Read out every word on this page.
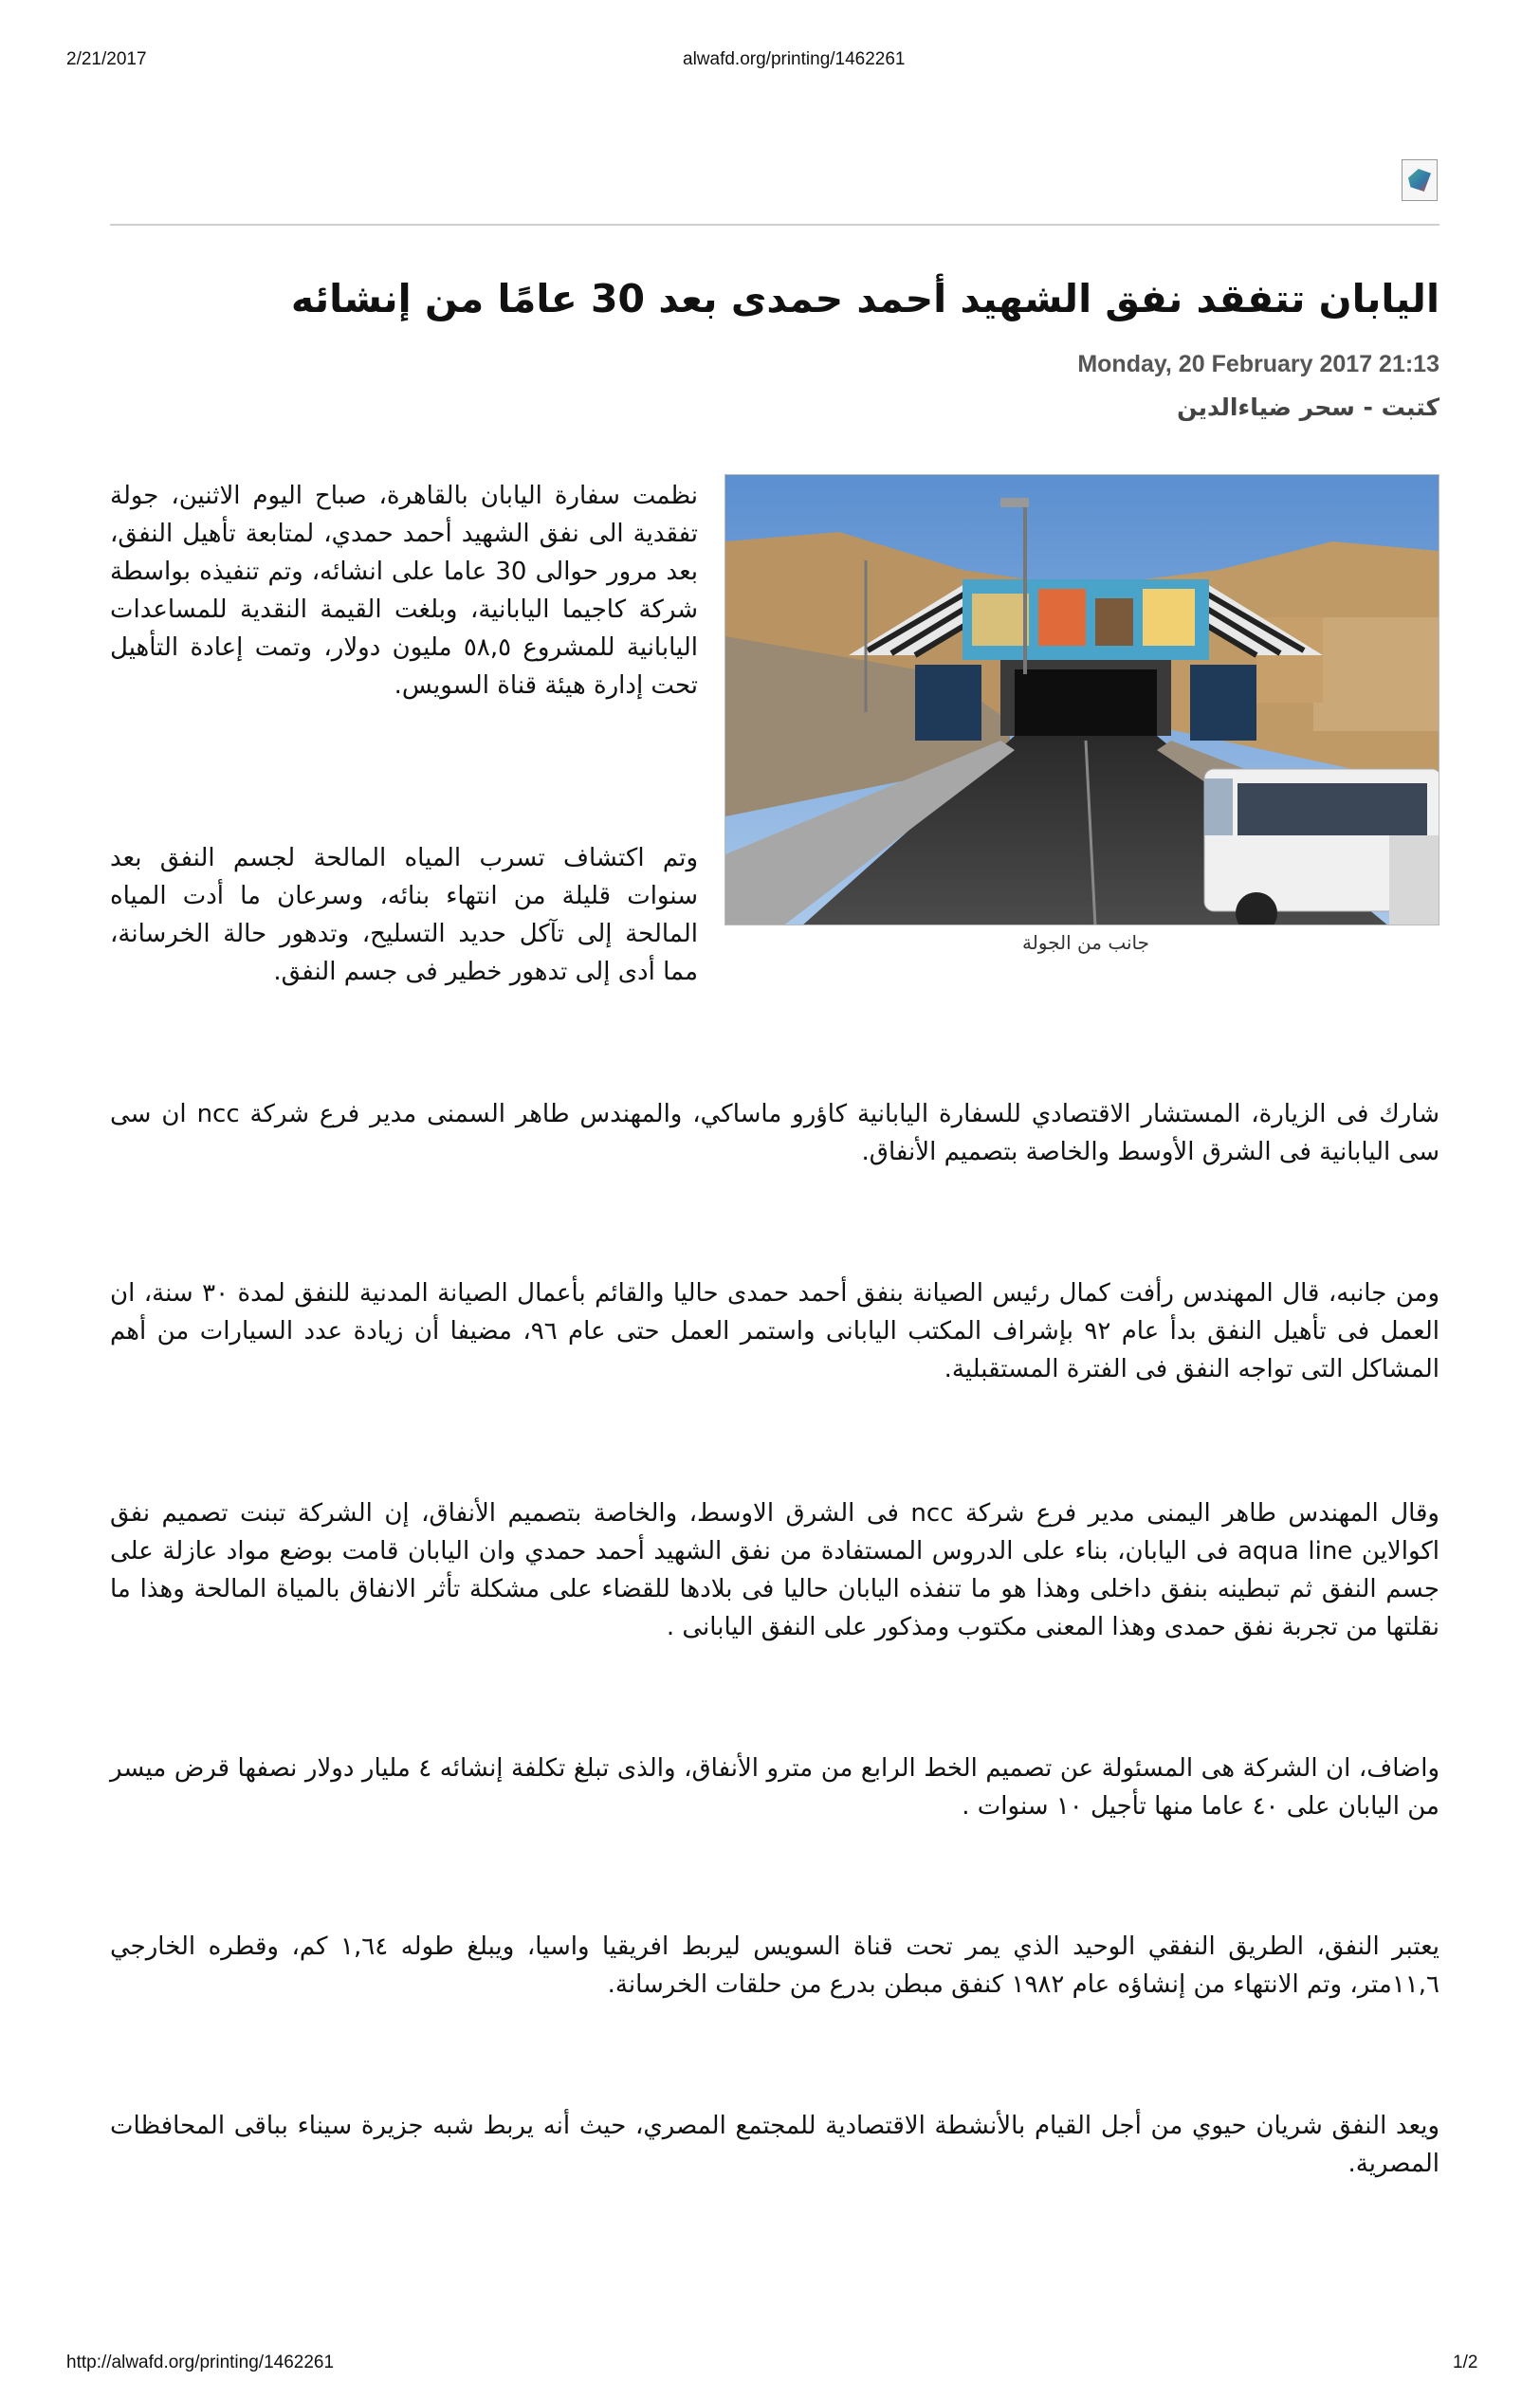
2/21/2017	alwafd.org/printing/1462261
اليابان تتفقد نفق الشهيد أحمد حمدى بعد 30 عامًا من إنشائه
Monday, 20 February 2017 21:13
كتبت - سحر ضياءالدين
جانب من الجولة

نظمت سفارة اليابان بالقاهرة، صباح اليوم الاثنين، جولة تفقدية الى نفق الشهيد أحمد حمدي، لمتابعة تأهيل النفق، بعد مرور حوالى 30 عاما على انشائه، وتم تنفيذه بواسطة شركة كاجيما اليابانية، وبلغت القيمة النقدية للمساعدات اليابانية للمشروع ٥٨,٥ مليون دولار، وتمت إعادة التأهيل تحت إدارة هيئة قناة السويس.

وتم اكتشاف تسرب المياه المالحة لجسم النفق بعد سنوات قليلة من انتهاء بنائه، وسرعان ما أدت المياه المالحة إلى تآكل حديد التسليح، وتدهور حالة الخرسانة، مما أدى إلى تدهور خطير فى جسم النفق.

شارك فى الزيارة، المستشار الاقتصادي للسفارة اليابانية كاؤرو ماساكي، والمهندس طاهر السمنى مدير فرع شركة ncc ان سى سى اليابانية فى الشرق الأوسط والخاصة بتصميم الأنفاق.

ومن جانبه، قال المهندس رأفت كمال رئيس الصيانة بنفق أحمد حمدى حاليا والقائم بأعمال الصيانة المدنية للنفق لمدة ٣٠ سنة، ان العمل فى تأهيل النفق بدأ عام ٩٢ بإشراف المكتب اليابانى واستمر العمل حتى عام ٩٦، مضيفا أن زيادة عدد السيارات من أهم المشاكل التى تواجه النفق فى الفترة المستقبلية.

وقال المهندس طاهر اليمنى مدير فرع شركة ncc فى الشرق الاوسط، والخاصة بتصميم الأنفاق، إن الشركة تبنت تصميم نفق اكوالاين aqua line فى اليابان، بناء على الدروس المستفادة من نفق الشهيد أحمد حمدي وان اليابان قامت بوضع مواد عازلة على جسم النفق ثم تبطينه بنفق داخلى وهذا هو ما تنفذه اليابان حاليا فى بلادها للقضاء على مشكلة تأثر الانفاق بالمياة المالحة وهذا ما نقلتها من تجربة نفق حمدى وهذا المعنى مكتوب ومذكور على النفق اليابانى .

واضاف، ان الشركة هى المسئولة عن تصميم الخط الرابع من مترو الأنفاق، والذى تبلغ تكلفة إنشائه ٤ مليار دولار نصفها قرض ميسر من اليابان على ٤٠ عاما منها تأجيل ١٠ سنوات .

يعتبر النفق، الطريق النفقي الوحيد الذي يمر تحت قناة السويس ليربط افريقيا واسيا، ويبلغ طوله ١,٦٤ كم، وقطره الخارجي ١١,٦متر، وتم الانتهاء من إنشاؤه عام ١٩٨٢ كنفق مبطن بدرع من حلقات الخرسانة.

ويعد النفق شريان حيوي من أجل القيام بالأنشطة الاقتصادية للمجتمع المصري، حيث أنه يربط شبه جزيرة سيناء بباقى المحافظات المصرية.

http://alwafd.org/printing/1462261	1/2
